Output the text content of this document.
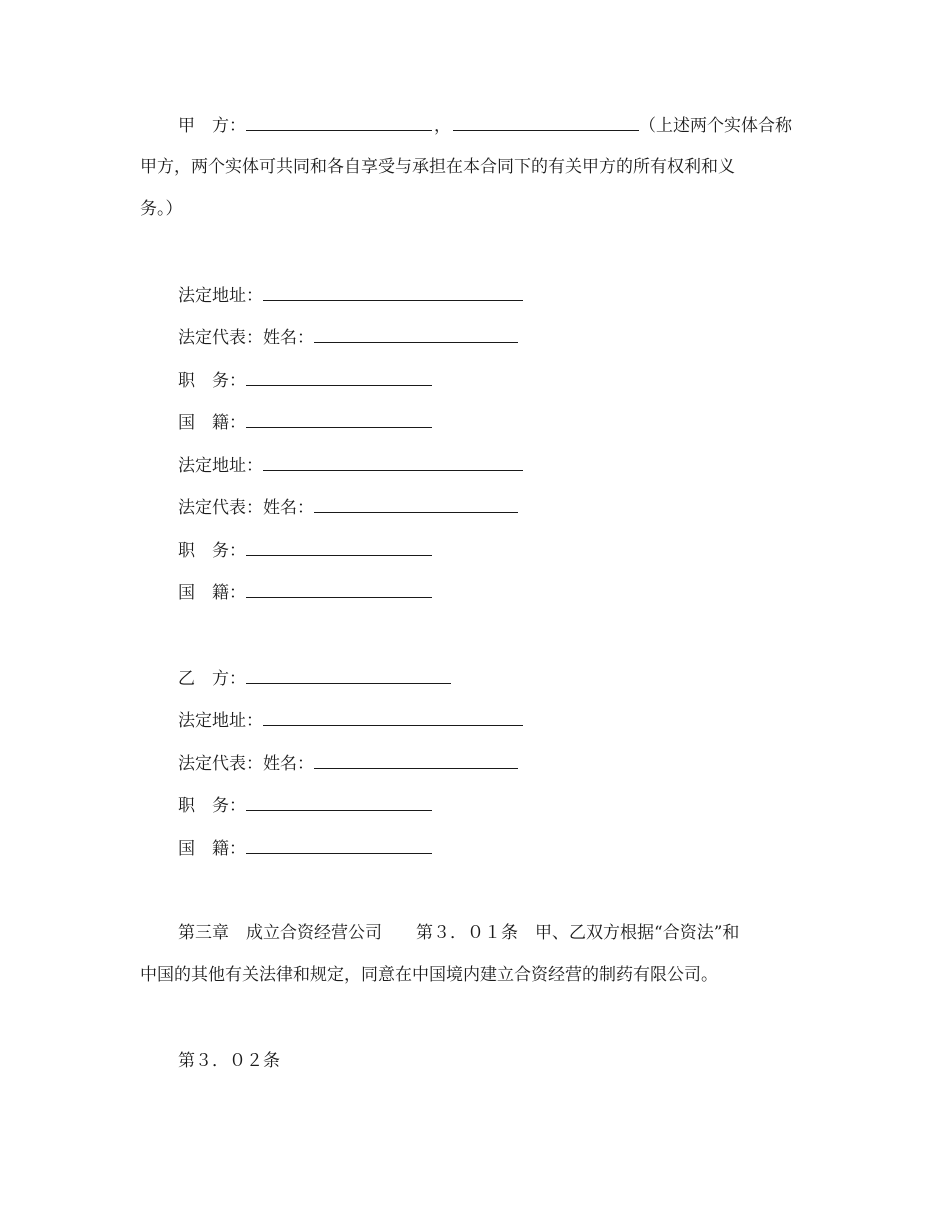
甲　方：	，	（上述两个实体合称
甲方，两个实体可共同和各自享受与承担在本合同下的有关甲方的所有权利和义
务。）
法定地址：
法定代表：姓名：
职　务：
国　籍：
法定地址：
法定代表：姓名：
职　务：
国　籍：
乙　方：
法定地址：
法定代表：姓名：
职　务：
国　籍：
第三章　成立合资经营公司　　第３．０１条　甲、乙双方根据“合资法”和
中国的其他有关法律和规定，同意在中国境内建立合资经营的制药有限公司。
第３．０２条
